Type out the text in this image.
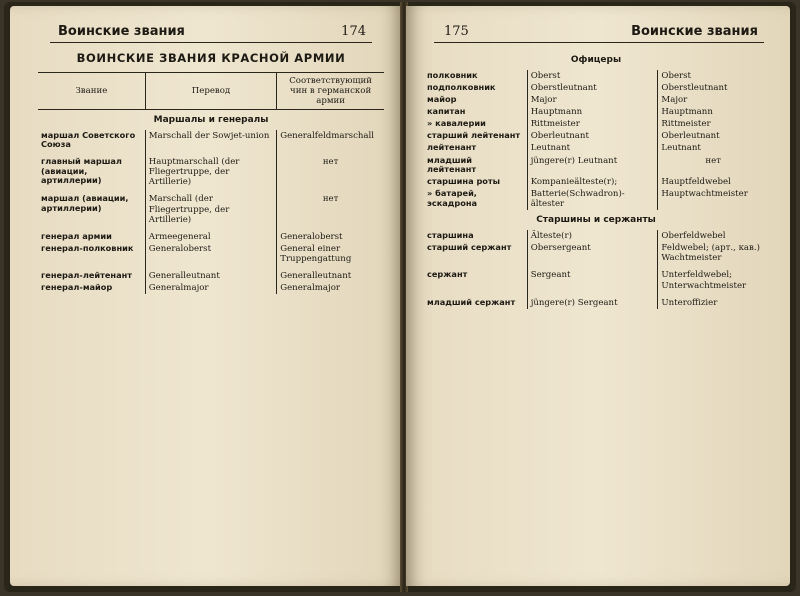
Воинские звания	174
ВОИНСКИЕ ЗВАНИЯ КРАСНОЙ АРМИИ
Звание	Перевод	Соответствующий чин в германской армии
Маршалы и генералы		
маршал Советского Союза	Marschall der Sowjet-union	Generalfeldmarschall

главный маршал (авиации, артиллерии)	Hauptmarschall (der Fliegertruppe, der Artillerie)	нет

маршал (авиации, артиллерии)	Marschall (der Fliegertruppe, der Artillerie)	нет

генерал армии	Armeegeneral	Generaloberst
генерал-полковник	Generaloberst	General einer Truppengattung

генерал-лейтенант	Generalleutnant	Generalleutnant
генерал-майор	Generalmajor	Generalmajor
175	Воинские звания
Офицеры		
полковник	Oberst	Oberst
подполковник	Oberstleutnant	Oberstleutnant
майор	Major	Major
капитан	Hauptmann	Hauptmann
» кавалерии	Rittmeister	Rittmeister
старший лейтенант	Oberleutnant	Oberleutnant
лейтенант	Leutnant	Leutnant
младший лейтенант	jüngere(r) Leutnant	нет
старшина роты	Kompanieälteste(r);	Hauptfeldwebel
» батарей, эскадрона	Batterie(Schwadron)-ältester	Hauptwachtmeister
Старшины и сержанты		
старшина	Älteste(r)	Oberfeldwebel
старший сержант	Obersergeant	Feldwebel; (арт., кав.) Wachtmeister

сержант	Sergeant	Unterfeldwebel; Unterwachtmeister

младший сержант	jüngere(r) Sergeant	Unteroffizier
